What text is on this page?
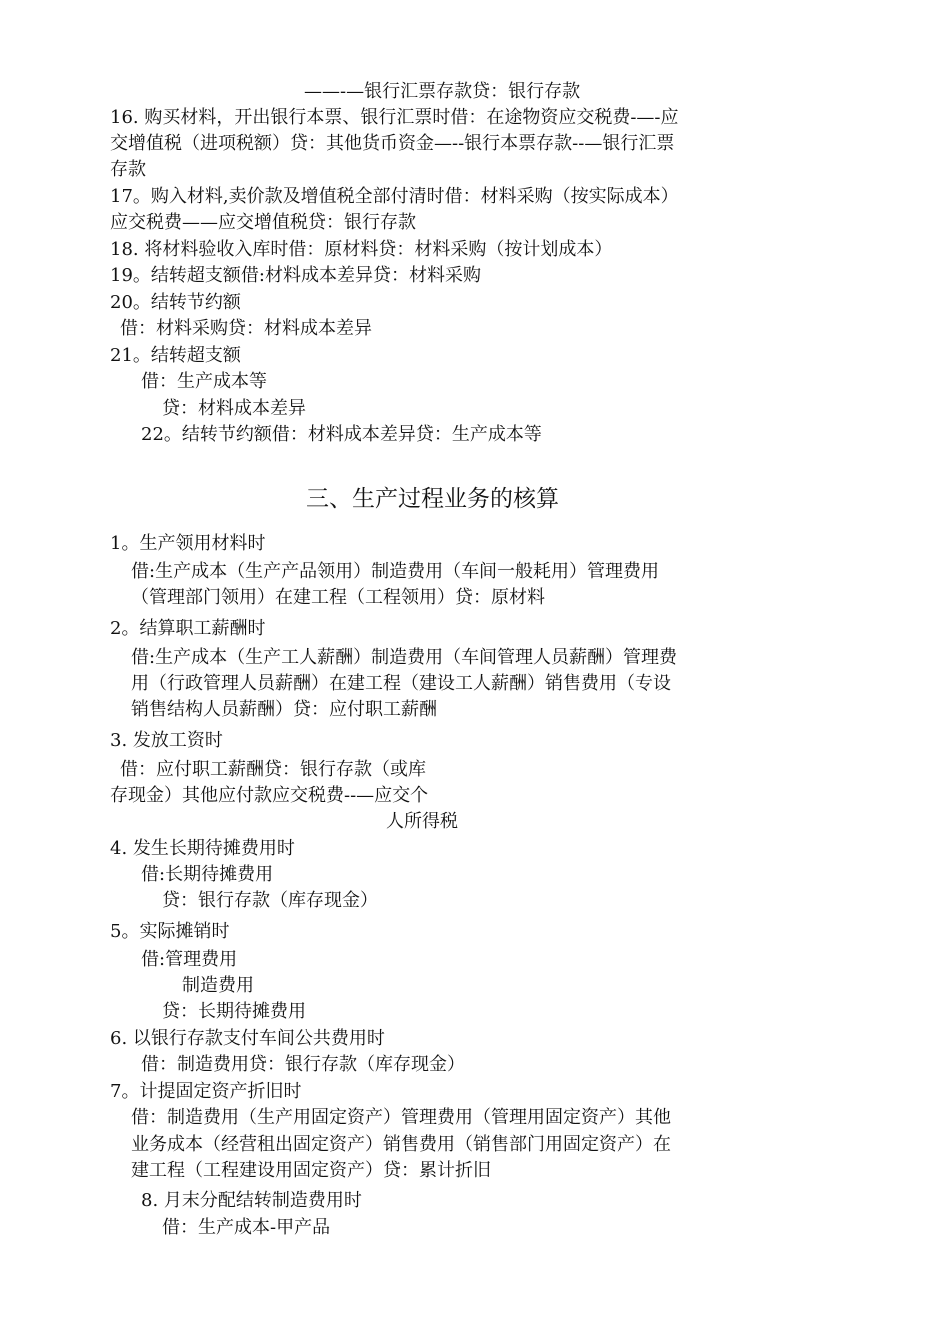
——-—银行汇票存款贷：银行存款
16. 购买材料，开出银行本票、银行汇票时借：在途物资应交税费-—-应
交增值税（进项税额）贷：其他货币资金—--银行本票存款--—银行汇票
存款
17。购入材料,卖价款及增值税全部付清时借：材料采购（按实际成本）
应交税费——应交增值税贷：银行存款
18. 将材料验收入库时借：原材料贷：材料采购（按计划成本）
19。结转超支额借:材料成本差异贷：材料采购
20。结转节约额
借：材料采购贷：材料成本差异
21。结转超支额
借：生产成本等
贷：材料成本差异
22。结转节约额借：材料成本差异贷：生产成本等
三、生产过程业务的核算
1。生产领用材料时
借:生产成本（生产产品领用）制造费用（车间一般耗用）管理费用
（管理部门领用）在建工程（工程领用）贷：原材料
2。结算职工薪酬时
借:生产成本（生产工人薪酬）制造费用（车间管理人员薪酬）管理费
用（行政管理人员薪酬）在建工程（建设工人薪酬）销售费用（专设
销售结构人员薪酬）贷：应付职工薪酬
3. 发放工资时
借：应付职工薪酬贷：银行存款（或库
存现金）其他应付款应交税费--—应交个
人所得税
4. 发生长期待摊费用时
借:长期待摊费用
贷：银行存款（库存现金）
5。实际摊销时
借:管理费用
制造费用
贷：长期待摊费用
6. 以银行存款支付车间公共费用时
借：制造费用贷：银行存款（库存现金）
7。计提固定资产折旧时
借：制造费用（生产用固定资产）管理费用（管理用固定资产）其他
业务成本（经营租出固定资产）销售费用（销售部门用固定资产）在
建工程（工程建设用固定资产）贷：累计折旧
8. 月末分配结转制造费用时
借：生产成本-甲产品
